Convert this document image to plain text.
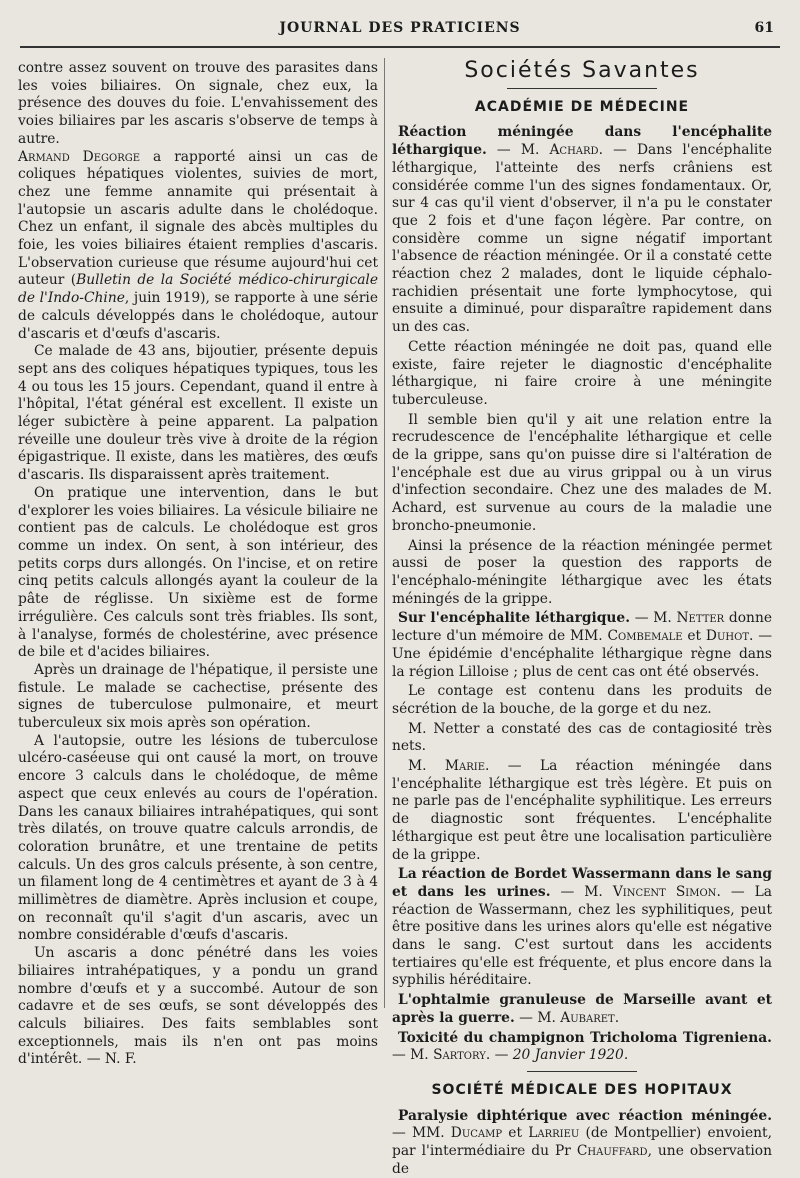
JOURNAL DES PRATICIENS	61

contre assez souvent on trouve des parasites dans les voies biliaires. On signale, chez eux, la présence des douves du foie. L'envahissement des voies biliaires par les ascaris s'observe de temps à autre.

Armand Degorge a rapporté ainsi un cas de coliques hépatiques violentes, suivies de mort, chez une femme annamite qui présentait à l'autopsie un ascaris adulte dans le cholédoque. Chez un enfant, il signale des abcès multiples du foie, les voies biliaires étaient remplies d'ascaris. L'observation curieuse que résume aujourd'hui cet auteur (Bulletin de la Société médico-chirurgicale de l'Indo-Chine, juin 1919), se rapporte à une série de calculs développés dans le cholédoque, autour d'ascaris et d'œufs d'ascaris.

Ce malade de 43 ans, bijoutier, présente depuis sept ans des coliques hépatiques typiques, tous les 4 ou tous les 15 jours. Cependant, quand il entre à l'hôpital, l'état général est excellent. Il existe un léger subictère à peine apparent. La palpation réveille une douleur très vive à droite de la région épigastrique. Il existe, dans les matières, des œufs d'ascaris. Ils disparaissent après traitement.

On pratique une intervention, dans le but d'explorer les voies biliaires. La vésicule biliaire ne contient pas de calculs. Le cholédoque est gros comme un index. On sent, à son intérieur, des petits corps durs allongés. On l'incise, et on retire cinq petits calculs allongés ayant la couleur de la pâte de réglisse. Un sixième est de forme irrégulière. Ces calculs sont très friables. Ils sont, à l'analyse, formés de cholestérine, avec présence de bile et d'acides biliaires.

Après un drainage de l'hépatique, il persiste une fistule. Le malade se cachectise, présente des signes de tuberculose pulmonaire, et meurt tuberculeux six mois après son opération.

A l'autopsie, outre les lésions de tuberculose ulcéro-caséeuse qui ont causé la mort, on trouve encore 3 calculs dans le cholédoque, de même aspect que ceux enlevés au cours de l'opération. Dans les canaux biliaires intrahépatiques, qui sont très dilatés, on trouve quatre calculs arrondis, de coloration brunâtre, et une trentaine de petits calculs. Un des gros calculs présente, à son centre, un filament long de 4 centimètres et ayant de 3 à 4 millimètres de diamètre. Après inclusion et coupe, on reconnaît qu'il s'agit d'un ascaris, avec un nombre considérable d'œufs d'ascaris.

Un ascaris a donc pénétré dans les voies biliaires intrahépatiques, y a pondu un grand nombre d'œufs et y a succombé. Autour de son cadavre et de ses œufs, se sont développés des calculs biliaires. Des faits semblables sont exceptionnels, mais ils n'en ont pas moins d'intérêt. — N. F.

Sociétés Savantes
ACADÉMIE DE MÉDECINE

Réaction méningée dans l'encéphalite léthargique. — M. Achard. — Dans l'encéphalite léthargique, l'atteinte des nerfs crâniens est considérée comme l'un des signes fondamentaux. Or, sur 4 cas qu'il vient d'observer, il n'a pu le constater que 2 fois et d'une façon légère. Par contre, on considère comme un signe négatif important l'absence de réaction méningée. Or il a constaté cette réaction chez 2 malades, dont le liquide céphalo-rachidien présentait une forte lymphocytose, qui ensuite a diminué, pour disparaître rapidement dans un des cas.

Cette réaction méningée ne doit pas, quand elle existe, faire rejeter le diagnostic d'encéphalite léthargique, ni faire croire à une méningite tuberculeuse.

Il semble bien qu'il y ait une relation entre la recrudescence de l'encéphalite léthargique et celle de la grippe, sans qu'on puisse dire si l'altération de l'encéphale est due au virus grippal ou à un virus d'infection secondaire. Chez une des malades de M. Achard, est survenue au cours de la maladie une broncho-pneumonie.

Ainsi la présence de la réaction méningée permet aussi de poser la question des rapports de l'encéphalo-méningite léthargique avec les états méningés de la grippe.

Sur l'encéphalite léthargique. — M. Netter donne lecture d'un mémoire de MM. Combemale et Duhot. — Une épidémie d'encéphalite léthargique règne dans la région Lilloise ; plus de cent cas ont été observés.

Le contage est contenu dans les produits de sécrétion de la bouche, de la gorge et du nez.

M. Netter a constaté des cas de contagiosité très nets.

M. Marie. — La réaction méningée dans l'encéphalite léthargique est très légère. Et puis on ne parle pas de l'encéphalite syphilitique. Les erreurs de diagnostic sont fréquentes. L'encéphalite léthargique est peut être une localisation particulière de la grippe.

La réaction de Bordet Wassermann dans le sang et dans les urines. — M. Vincent Simon. — La réaction de Wassermann, chez les syphilitiques, peut être positive dans les urines alors qu'elle est négative dans le sang. C'est surtout dans les accidents tertiaires qu'elle est fréquente, et plus encore dans la syphilis héréditaire.

L'ophtalmie granuleuse de Marseille avant et après la guerre. — M. Aubaret.

Toxicité du champignon Tricholoma Tigreniena. — M. Sartory. — 20 Janvier 1920.

SOCIÉTÉ MÉDICALE DES HOPITAUX

Paralysie diphtérique avec réaction méningée. — MM. Ducamp et Larrieu (de Montpellier) envoient, par l'intermédiaire du Pr Chauffard, une observation de
